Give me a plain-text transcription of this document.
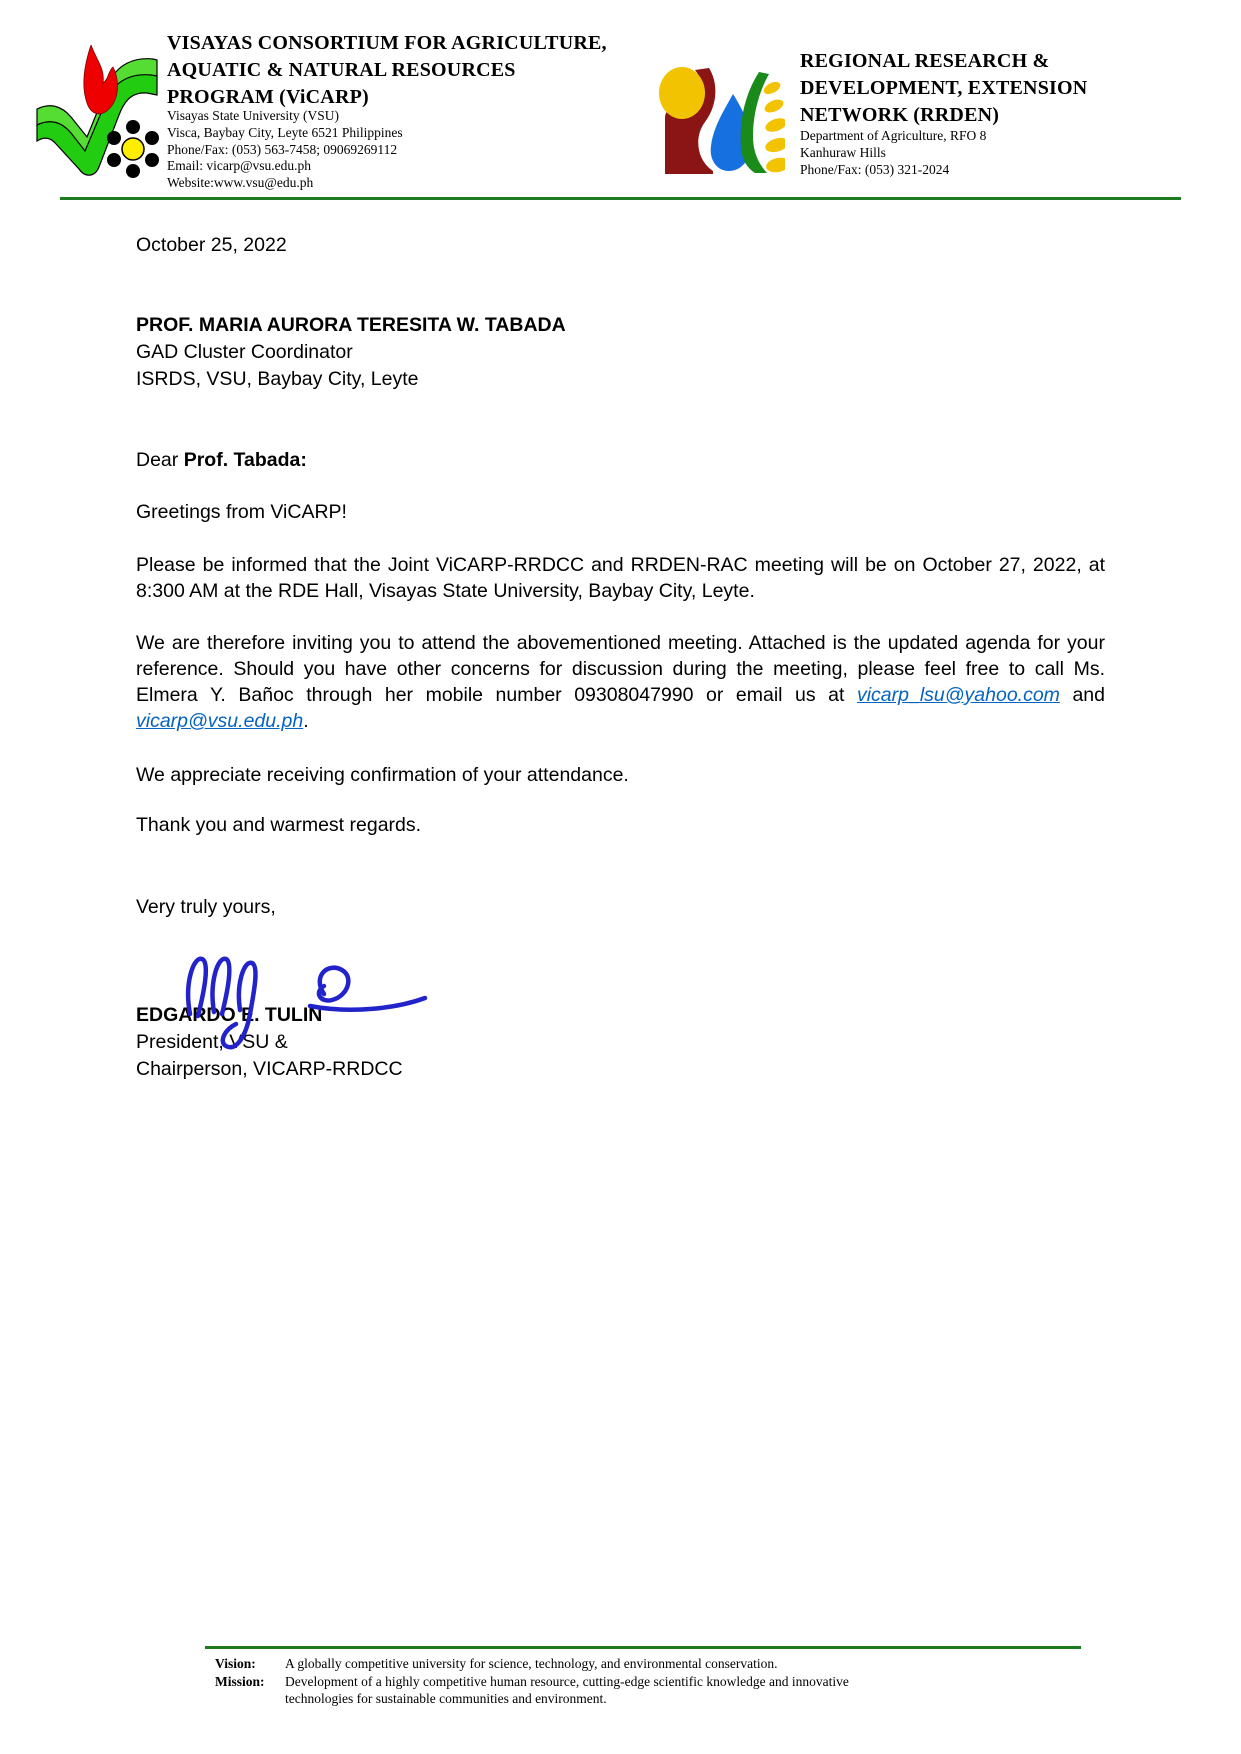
VISAYAS CONSORTIUM FOR AGRICULTURE,
AQUATIC & NATURAL RESOURCES
PROGRAM (ViCARP)
Visayas State University (VSU)
Visca, Baybay City, Leyte 6521 Philippines
Phone/Fax: (053) 563-7458; 09069269112
Email: vicarp@vsu.edu.ph
Website:www.vsu@edu.ph
REGIONAL RESEARCH &
DEVELOPMENT, EXTENSION
NETWORK (RRDEN)
Department of Agriculture, RFO 8
Kanhuraw Hills
Phone/Fax: (053) 321-2024
October 25, 2022
PROF. MARIA AURORA TERESITA W. TABADA
GAD Cluster Coordinator
ISRDS, VSU, Baybay City, Leyte
Dear Prof. Tabada:
Greetings from ViCARP!
Please be informed that the Joint ViCARP-RRDCC and RRDEN-RAC meeting will be on October 27, 2022, at 8:300 AM at the RDE Hall, Visayas State University, Baybay City, Leyte.
We are therefore inviting you to attend the abovementioned meeting. Attached is the updated agenda for your reference. Should you have other concerns for discussion during the meeting, please feel free to call Ms. Elmera Y. Bañoc through her mobile number 09308047990 or email us at vicarp_lsu@yahoo.com and vicarp@vsu.edu.ph.
We appreciate receiving confirmation of your attendance.
Thank you and warmest regards.
Very truly yours,
EDGARDO E. TULIN
President, VSU &
Chairperson, VICARP-RRDCC
Vision:	A globally competitive university for science, technology, and environmental conservation.
Mission:	Development of a highly competitive human resource, cutting-edge scientific knowledge and innovative technologies for sustainable communities and environment.
